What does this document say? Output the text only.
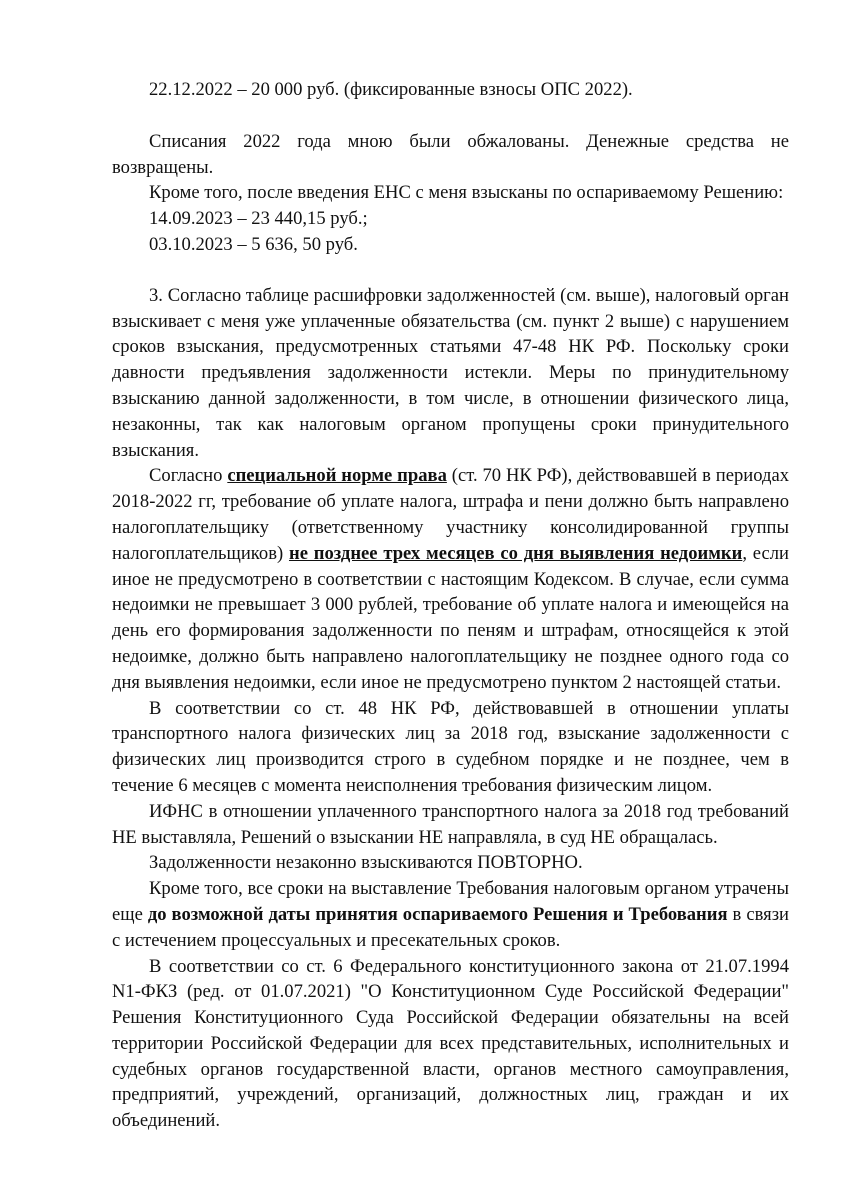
22.12.2022 – 20 000 руб. (фиксированные взносы ОПС 2022).

Списания 2022 года мною были обжалованы. Денежные средства не возвращены.

Кроме того, после введения ЕНС с меня взысканы по оспариваемому Решению:

14.09.2023 – 23 440,15 руб.;

03.10.2023 – 5 636, 50 руб.

3. Согласно таблице расшифровки задолженностей (см. выше), налоговый орган взыскивает с меня уже уплаченные обязательства (см. пункт 2 выше) с нарушением сроков взыскания, предусмотренных статьями 47-48 НК РФ. Поскольку сроки давности предъявления задолженности истекли. Меры по принудительному взысканию данной задолженности, в том числе, в отношении физического лица, незаконны, так как налоговым органом пропущены сроки принудительного взыскания.

Согласно специальной норме права (ст. 70 НК РФ), действовавшей в периодах 2018-2022 гг, требование об уплате налога, штрафа и пени должно быть направлено налогоплательщику (ответственному участнику консолидированной группы налогоплательщиков) не позднее трех месяцев со дня выявления недоимки, если иное не предусмотрено в соответствии с настоящим Кодексом. В случае, если сумма недоимки не превышает 3 000 рублей, требование об уплате налога и имеющейся на день его формирования задолженности по пеням и штрафам, относящейся к этой недоимке, должно быть направлено налогоплательщику не позднее одного года со дня выявления недоимки, если иное не предусмотрено пунктом 2 настоящей статьи.

В соответствии со ст. 48 НК РФ, действовавшей в отношении уплаты транспортного налога физических лиц за 2018 год, взыскание задолженности с физических лиц производится строго в судебном порядке и не позднее, чем в течение 6 месяцев с момента неисполнения требования физическим лицом.

ИФНС в отношении уплаченного транспортного налога за 2018 год требований НЕ выставляла, Решений о взыскании НЕ направляла, в суд НЕ обращалась.

Задолженности незаконно взыскиваются ПОВТОРНО.

Кроме того, все сроки на выставление Требования налоговым органом утрачены еще до возможной даты принятия оспариваемого Решения и Требования в связи с истечением процессуальных и пресекательных сроков.

В соответствии со ст. 6 Федерального конституционного закона от 21.07.1994 N1-ФКЗ (ред. от 01.07.2021) "О Конституционном Суде Российской Федерации" Решения Конституционного Суда Российской Федерации обязательны на всей территории Российской Федерации для всех представительных, исполнительных и судебных органов государственной власти, органов местного самоуправления, предприятий, учреждений, организаций, должностных лиц, граждан и их объединений.
